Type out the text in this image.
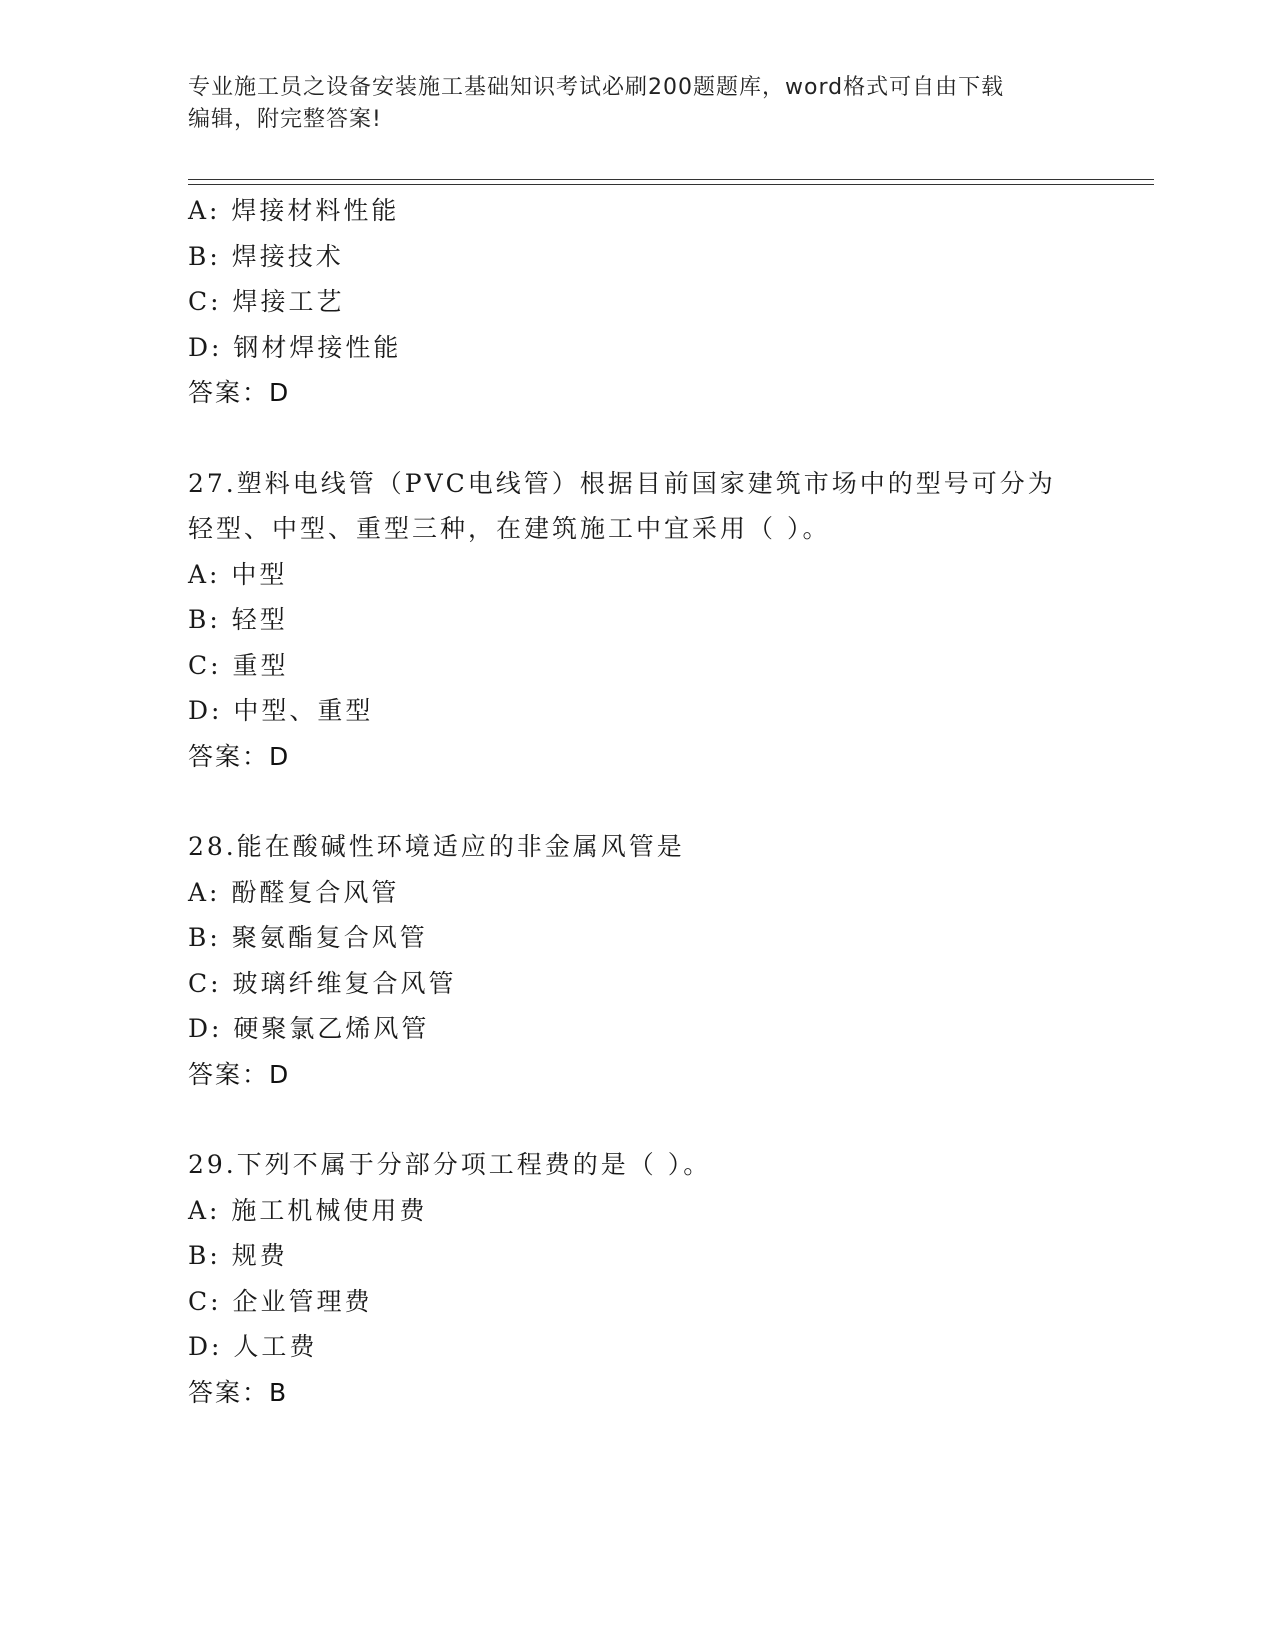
专业施工员之设备安装施工基础知识考试必刷200题题库，word格式可自由下载
编辑，附完整答案!
A: 焊接材料性能
B: 焊接技术
C: 焊接工艺
D: 钢材焊接性能
答案：D
27.塑料电线管（PVC电线管）根据目前国家建筑市场中的型号可分为
轻型、中型、重型三种，在建筑施工中宜采用（ ）。
A: 中型
B: 轻型
C: 重型
D: 中型、重型
答案：D
28.能在酸碱性环境适应的非金属风管是
A: 酚醛复合风管
B: 聚氨酯复合风管
C: 玻璃纤维复合风管
D: 硬聚氯乙烯风管
答案：D
29.下列不属于分部分项工程费的是（ ）。
A: 施工机械使用费
B: 规费
C: 企业管理费
D: 人工费
答案：B
